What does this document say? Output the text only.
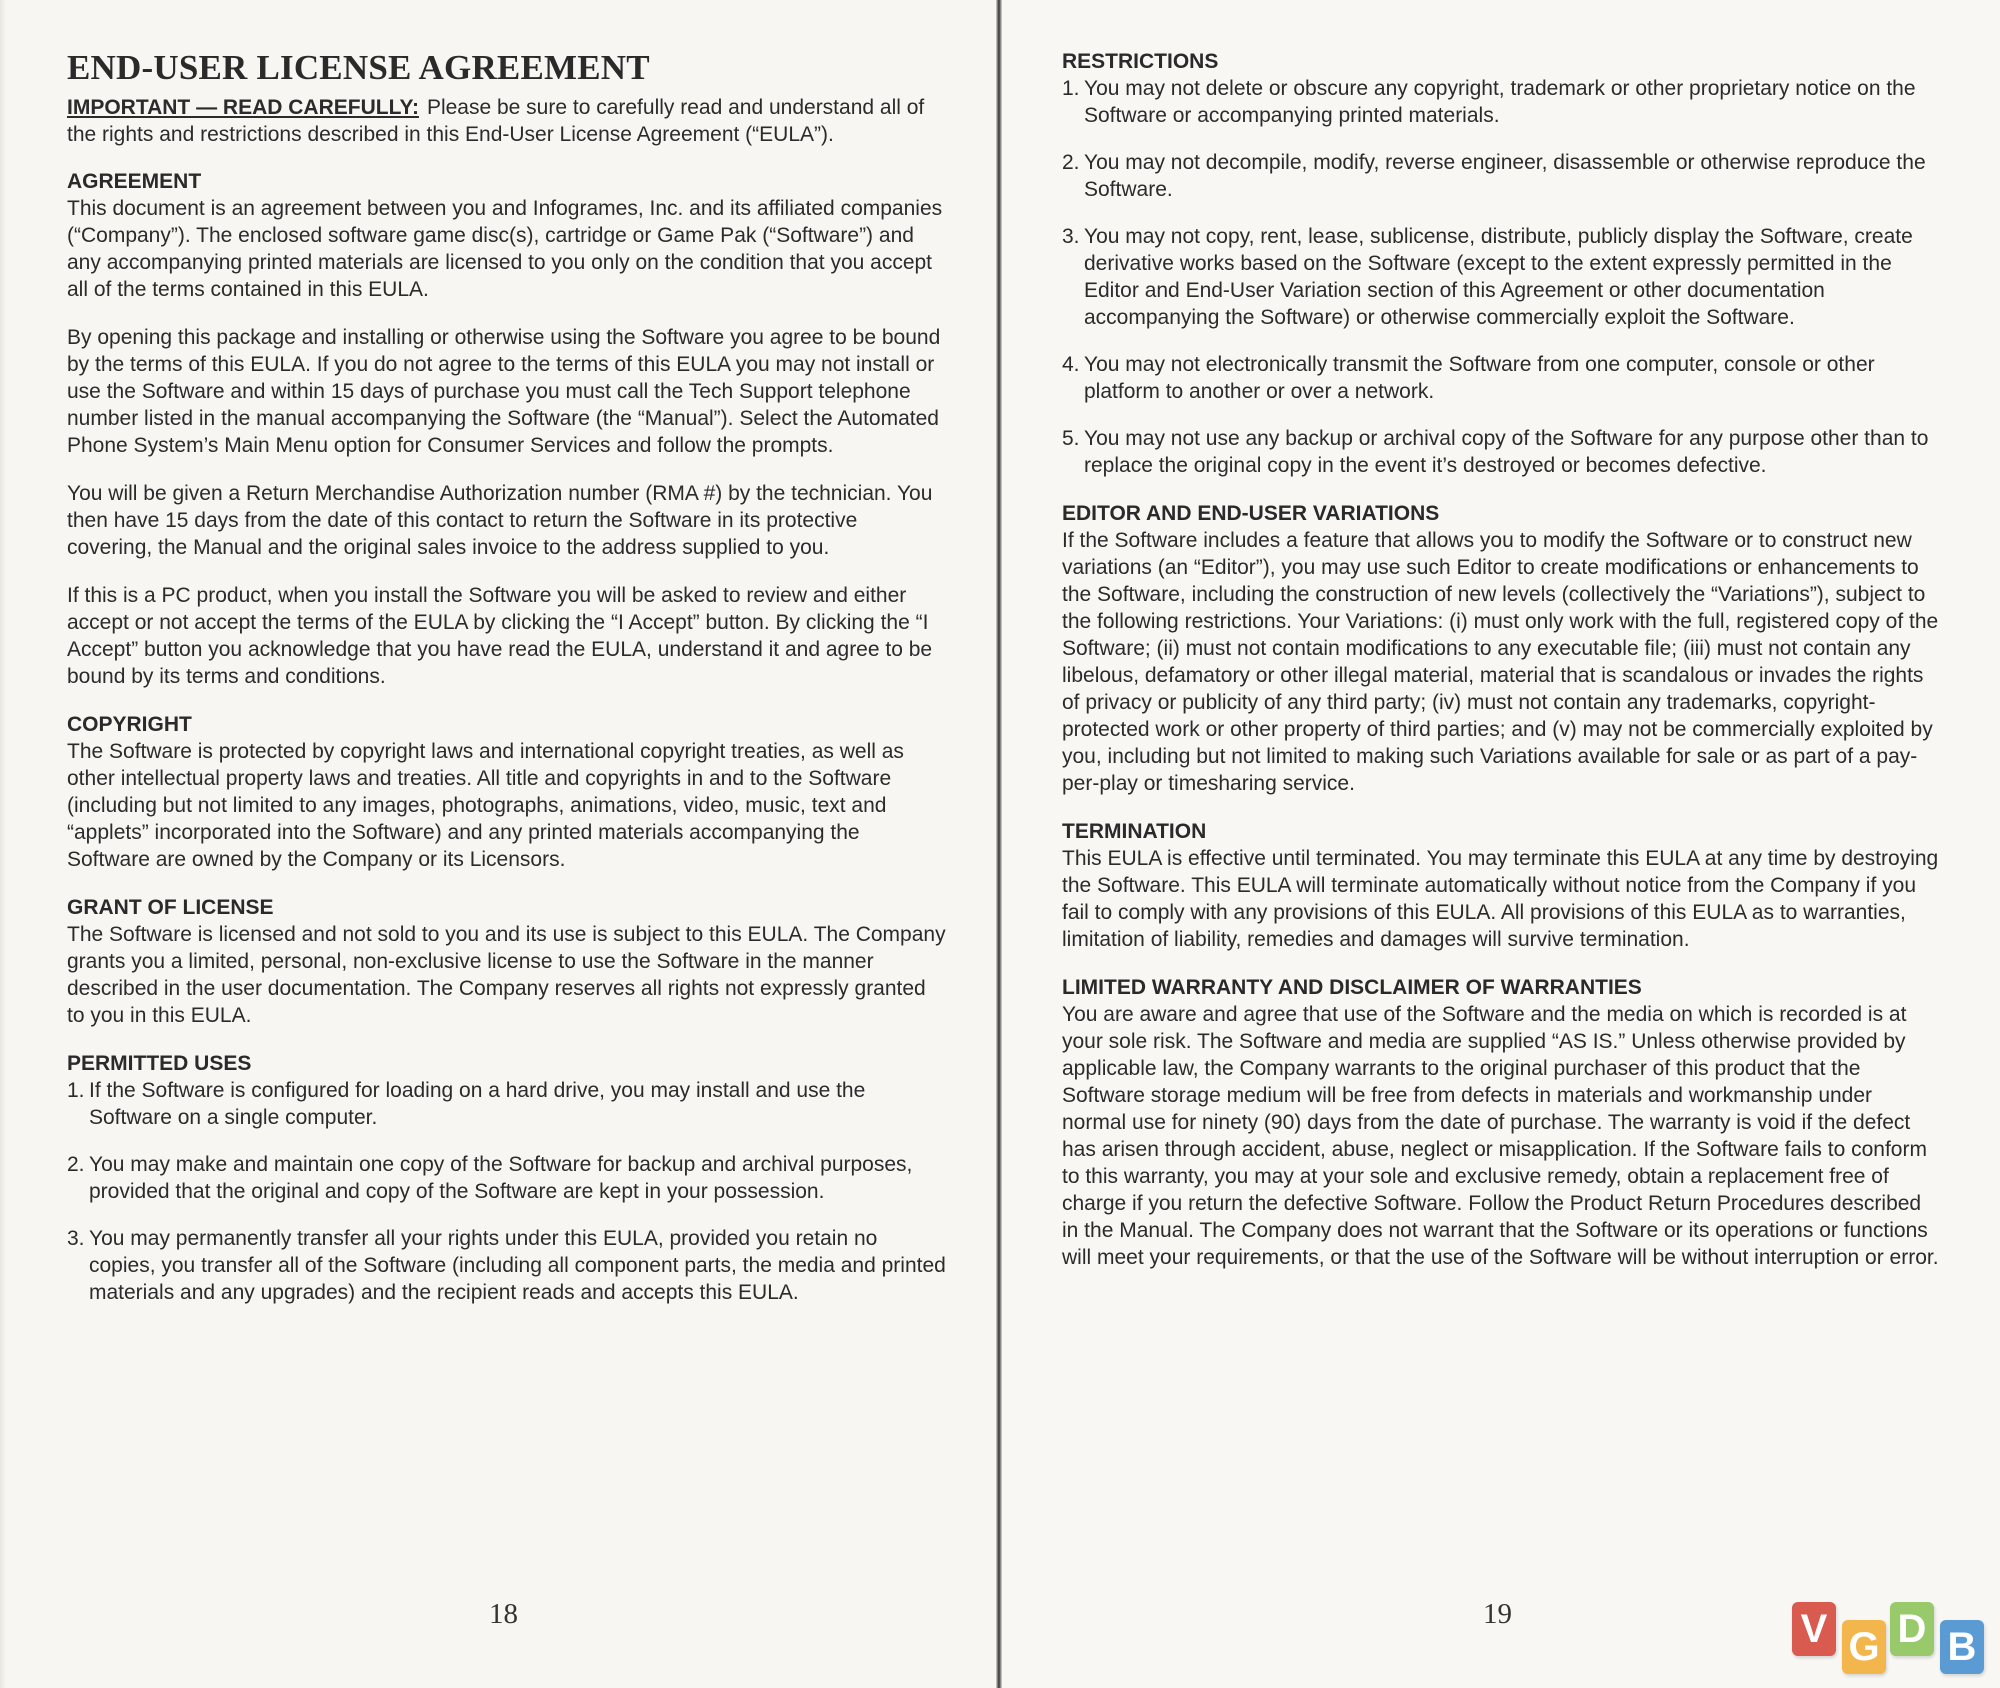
END-USER LICENSE AGREEMENT

IMPORTANT — READ CAREFULLY: Please be sure to carefully read and understand all of the rights and restrictions described in this End-User License Agreement (“EULA”).

AGREEMENT

This document is an agreement between you and Infogrames, Inc. and its affiliated companies (“Company”). The enclosed software game disc(s), cartridge or Game Pak (“Software”) and any accompanying printed materials are licensed to you only on the condition that you accept all of the terms contained in this EULA.

By opening this package and installing or otherwise using the Software you agree to be bound by the terms of this EULA. If you do not agree to the terms of this EULA you may not install or use the Software and within 15 days of purchase you must call the Tech Support telephone number listed in the manual accompanying the Software (the “Manual”). Select the Automated Phone System’s Main Menu option for Consumer Services and follow the prompts.

You will be given a Return Merchandise Authorization number (RMA #) by the technician. You then have 15 days from the date of this contact to return the Software in its protective covering, the Manual and the original sales invoice to the address supplied to you.

If this is a PC product, when you install the Software you will be asked to review and either accept or not accept the terms of the EULA by clicking the “I Accept” button. By clicking the “I Accept” button you acknowledge that you have read the EULA, understand it and agree to be bound by its terms and conditions.

COPYRIGHT

The Software is protected by copyright laws and international copyright treaties, as well as other intellectual property laws and treaties. All title and copyrights in and to the Software (including but not limited to any images, photographs, animations, video, music, text and “applets” incorporated into the Software) and any printed materials accompanying the Software are owned by the Company or its Licensors.

GRANT OF LICENSE

The Software is licensed and not sold to you and its use is subject to this EULA. The Company grants you a limited, personal, non-exclusive license to use the Software in the manner described in the user documentation. The Company reserves all rights not expressly granted to you in this EULA.

PERMITTED USES
1. If the Software is configured for loading on a hard drive, you may install and use the Software on a single computer.
2. You may make and maintain one copy of the Software for backup and archival purposes, provided that the original and copy of the Software are kept in your possession.
3. You may permanently transfer all your rights under this EULA, provided you retain no copies, you transfer all of the Software (including all component parts, the media and printed materials and any upgrades) and the recipient reads and accepts this EULA.
18
RESTRICTIONS
1. You may not delete or obscure any copyright, trademark or other proprietary notice on the Software or accompanying printed materials.
2. You may not decompile, modify, reverse engineer, disassemble or otherwise reproduce the Software.
3. You may not copy, rent, lease, sublicense, distribute, publicly display the Software, create derivative works based on the Software (except to the extent expressly permitted in the Editor and End-User Variation section of this Agreement or other documentation accompanying the Software) or otherwise commercially exploit the Software.
4. You may not electronically transmit the Software from one computer, console or other platform to another or over a network.
5. You may not use any backup or archival copy of the Software for any purpose other than to replace the original copy in the event it’s destroyed or becomes defective.
EDITOR AND END-USER VARIATIONS

If the Software includes a feature that allows you to modify the Software or to construct new variations (an “Editor”), you may use such Editor to create modifications or enhancements to the Software, including the construction of new levels (collectively the “Variations”), subject to the following restrictions. Your Variations: (i) must only work with the full, registered copy of the Software; (ii) must not contain modifications to any executable file; (iii) must not contain any libelous, defamatory or other illegal material, material that is scandalous or invades the rights of privacy or publicity of any third party; (iv) must not contain any trademarks, copyright-protected work or other property of third parties; and (v) may not be commercially exploited by you, including but not limited to making such Variations available for sale or as part of a pay-per-play or timesharing service.

TERMINATION

This EULA is effective until terminated. You may terminate this EULA at any time by destroying the Software. This EULA will terminate automatically without notice from the Company if you fail to comply with any provisions of this EULA. All provisions of this EULA as to warranties, limitation of liability, remedies and damages will survive termination.

LIMITED WARRANTY AND DISCLAIMER OF WARRANTIES

You are aware and agree that use of the Software and the media on which is recorded is at your sole risk. The Software and media are supplied “AS IS.” Unless otherwise provided by applicable law, the Company warrants to the original purchaser of this product that the Software storage medium will be free from defects in materials and workmanship under normal use for ninety (90) days from the date of purchase. The warranty is void if the defect has arisen through accident, abuse, neglect or misapplication. If the Software fails to conform to this warranty, you may at your sole and exclusive remedy, obtain a replacement free of charge if you return the defective Software. Follow the Product Return Procedures described in the Manual. The Company does not warrant that the Software or its operations or functions will meet your requirements, or that the use of the Software will be without interruption or error.

19	V G D B
